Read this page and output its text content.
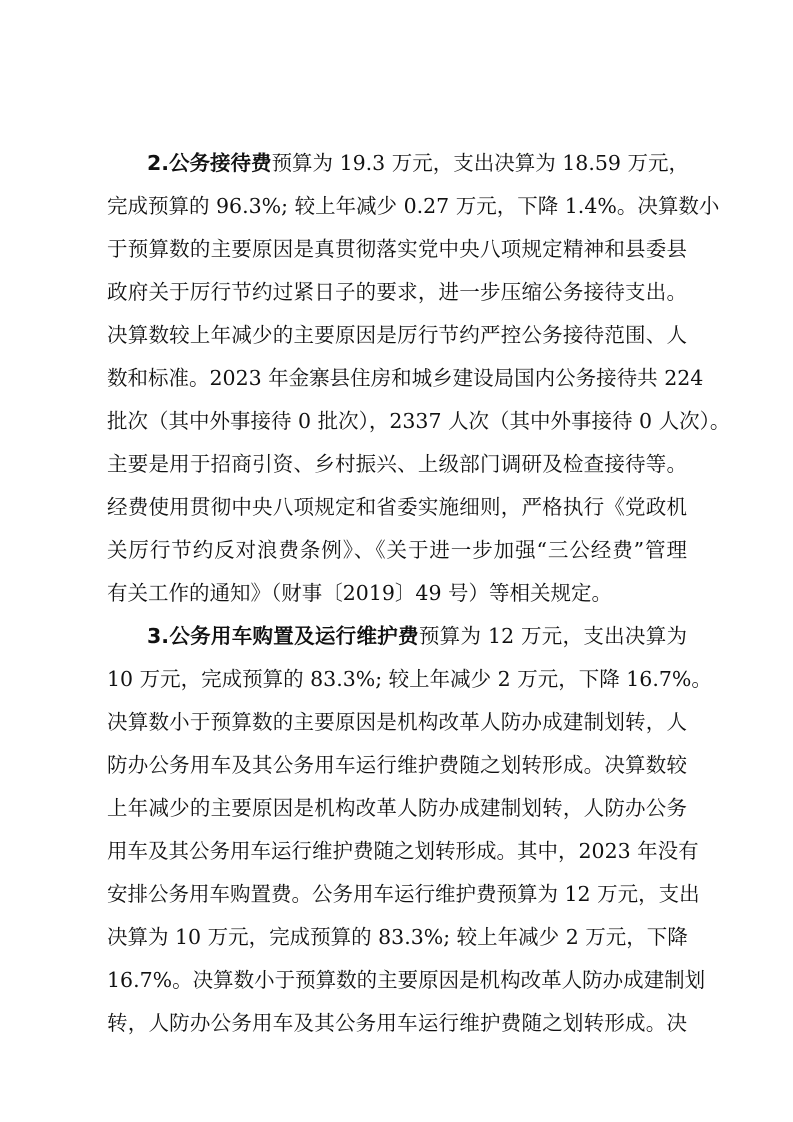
2.公务接待费预算为 19.3 万元，支出决算为 18.59 万元，
完成预算的 96.3%; 较上年减少 0.27 万元，下降 1.4%。决算数小
于预算数的主要原因是真贯彻落实党中央八项规定精神和县委县
政府关于厉行节约过紧日子的要求，进一步压缩公务接待支出。
决算数较上年减少的主要原因是厉行节约严控公务接待范围、人
数和标准。2023 年金寨县住房和城乡建设局国内公务接待共 224
批次（其中外事接待 0 批次），2337 人次（其中外事接待 0 人次）。
主要是用于招商引资、乡村振兴、上级部门调研及检查接待等。
经费使用贯彻中央八项规定和省委实施细则，严格执行《党政机
关厉行节约反对浪费条例》、《关于进一步加强“三公经费”管理
有关工作的通知》（财事〔2019〕49 号）等相关规定。
3.公务用车购置及运行维护费预算为 12 万元，支出决算为
10 万元，完成预算的 83.3%; 较上年减少 2 万元，下降 16.7%。
决算数小于预算数的主要原因是机构改革人防办成建制划转，人
防办公务用车及其公务用车运行维护费随之划转形成。决算数较
上年减少的主要原因是机构改革人防办成建制划转，人防办公务
用车及其公务用车运行维护费随之划转形成。其中，2023 年没有
安排公务用车购置费。公务用车运行维护费预算为 12 万元，支出
决算为 10 万元，完成预算的 83.3%; 较上年减少 2 万元，下降
16.7%。决算数小于预算数的主要原因是机构改革人防办成建制划
转，人防办公务用车及其公务用车运行维护费随之划转形成。决
